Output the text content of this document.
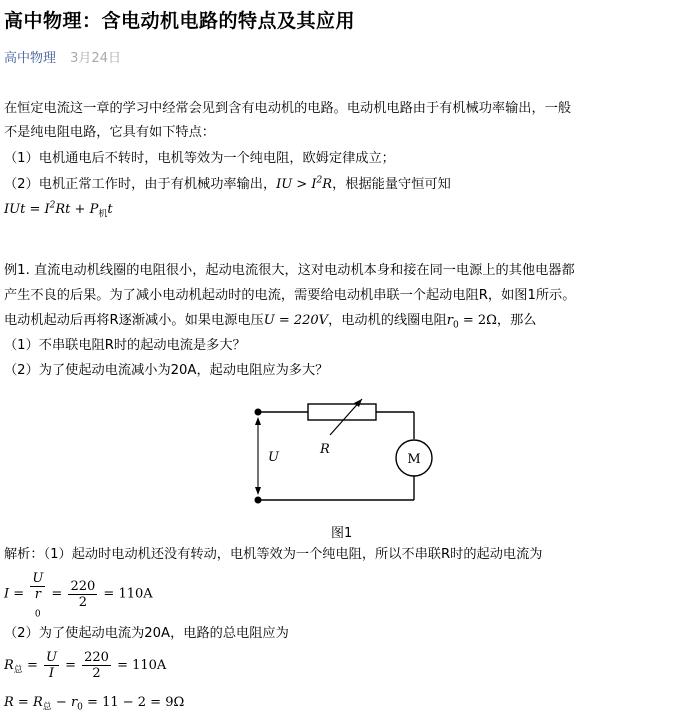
高中物理：含电动机电路的特点及其应用
高中物理 3月24日
在恒定电流这一章的学习中经常会见到含有电动机的电路。电动机电路由于有机械功率输出，一般
不是纯电阻电路，它具有如下特点：
（1）电机通电后不转时，电机等效为一个纯电阻，欧姆定律成立；
（2）电机正常工作时，由于有机械功率输出，IU > $I^2R$，根据能量守恒可知
IUt = $I^2Rt + P_机t$
例1. 直流电动机线圈的电阻很小，起动电流很大，这对电动机本身和接在同一电源上的其他电器都
产生不良的后果。为了减小电动机起动时的电流，需要给电动机串联一个起动电阻R，如图1所示。
电动机起动后再将R逐渐减小。如果电源电压U = 220V，电动机的线圈电阻$r_0 = 2\Omega$，那么
（1）不串联电阻R时的起动电流是多大？
（2）为了使起动电流减小为20A，起动电阻应为多大？
U
R
M
图1
解析：（1）起动时电动机还没有转动，电机等效为一个纯电阻，所以不串联R时的起动电流为
I = U
r
$_0 = \frac{220}{2} = 110A$
（2）为了使起动电流为20A，电路的总电阻应为
$R_总 = \frac{U}{I} = \frac{220}{2} = 110A$
$R = R_总 - r_0 = 11 - 2 = 9\Omega$
